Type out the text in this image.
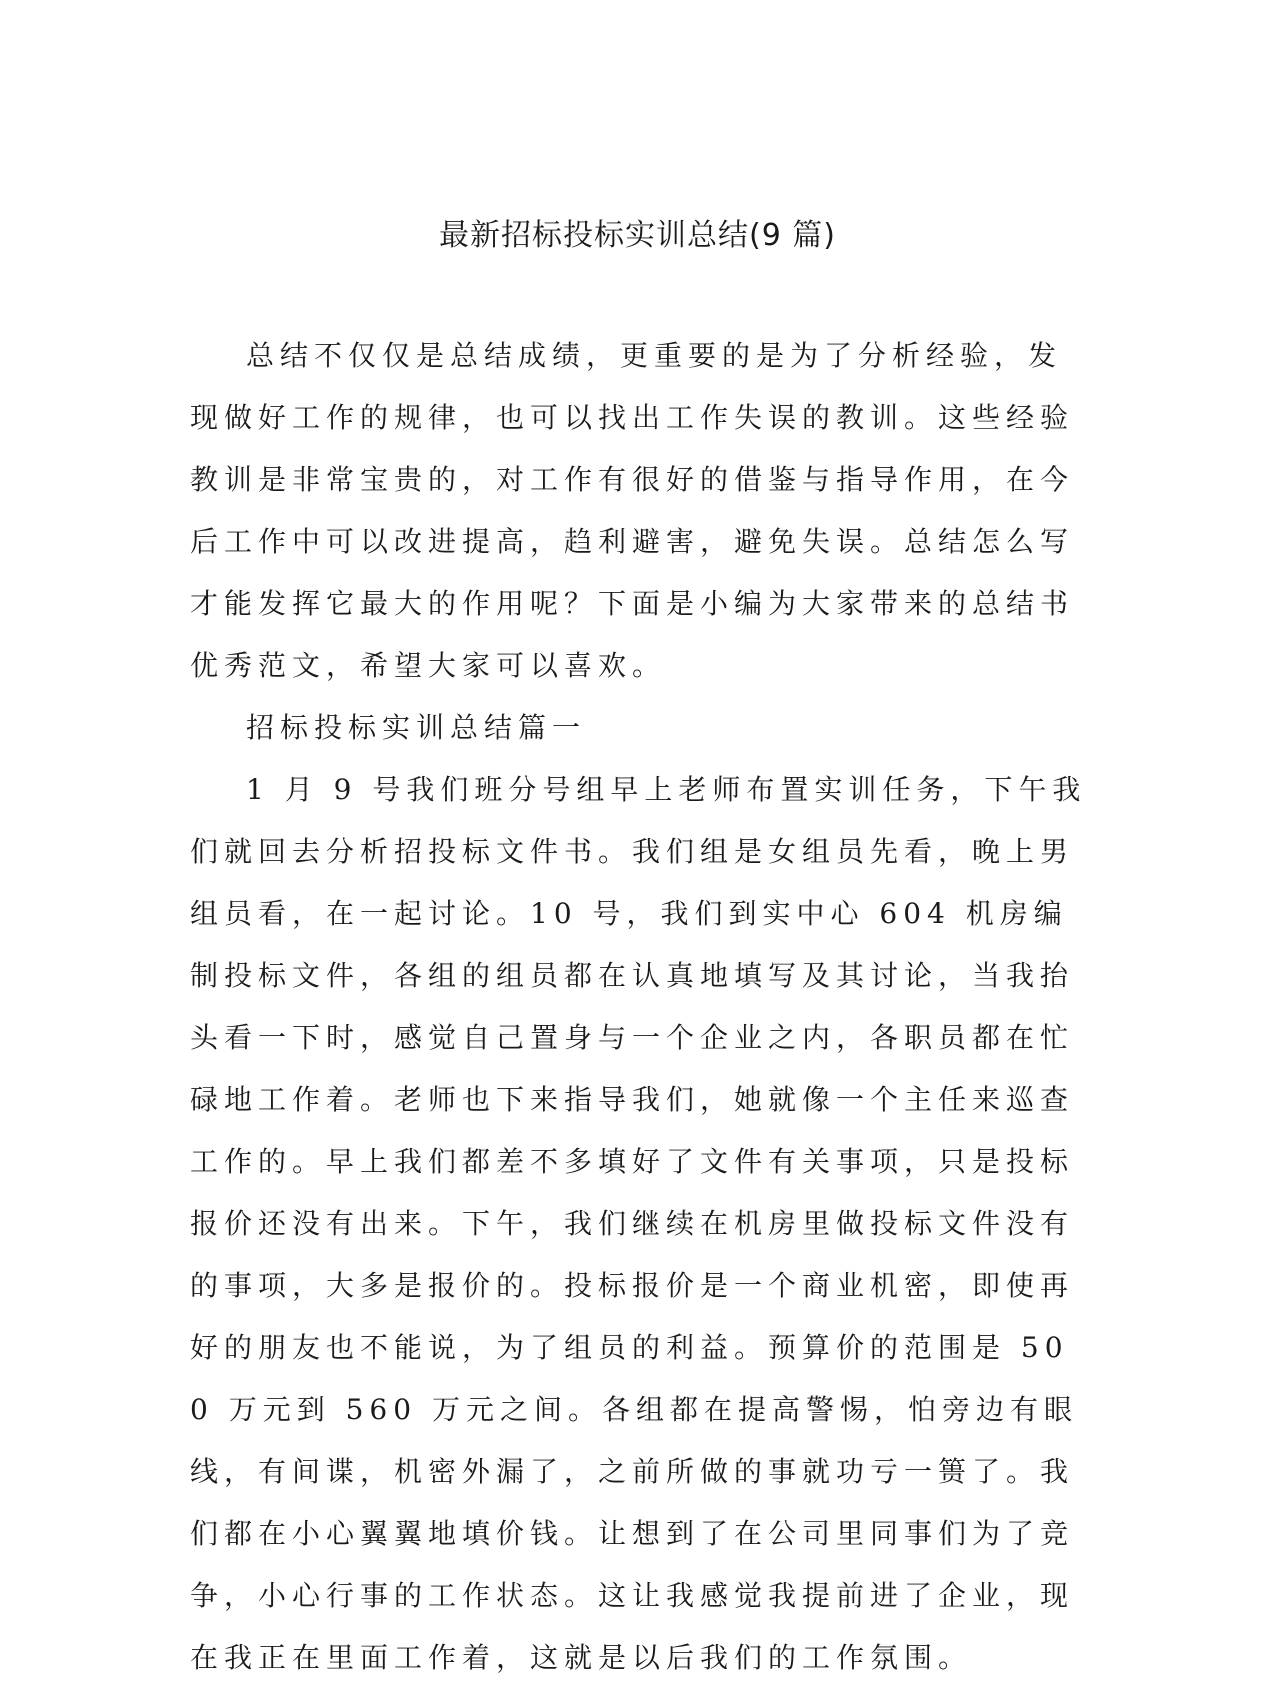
最新招标投标实训总结(9 篇)

总结不仅仅是总结成绩，更重要的是为了分析经验，发现做好工作的规律，也可以找出工作失误的教训。这些经验教训是非常宝贵的，对工作有很好的借鉴与指导作用，在今后工作中可以改进提高，趋利避害，避免失误。总结怎么写才能发挥它最大的作用呢？下面是小编为大家带来的总结书优秀范文，希望大家可以喜欢。

招标投标实训总结篇一

1 月 9 号我们班分号组早上老师布置实训任务，下午我们就回去分析招投标文件书。我们组是女组员先看，晚上男组员看，在一起讨论。10 号，我们到实中心 604 机房编制投标文件，各组的组员都在认真地填写及其讨论，当我抬头看一下时，感觉自己置身与一个企业之内，各职员都在忙碌地工作着。老师也下来指导我们，她就像一个主任来巡查工作的。早上我们都差不多填好了文件有关事项，只是投标报价还没有出来。下午，我们继续在机房里做投标文件没有的事项，大多是报价的。投标报价是一个商业机密，即使再好的朋友也不能说，为了组员的利益。预算价的范围是 500 万元到 560 万元之间。各组都在提高警惕，怕旁边有眼线，有间谍，机密外漏了，之前所做的事就功亏一篑了。我们都在小心翼翼地填价钱。让想到了在公司里同事们为了竞争，小心行事的工作状态。这让我感觉我提前进了企业，现在我正在里面工作着，这就是以后我们的工作氛围。
